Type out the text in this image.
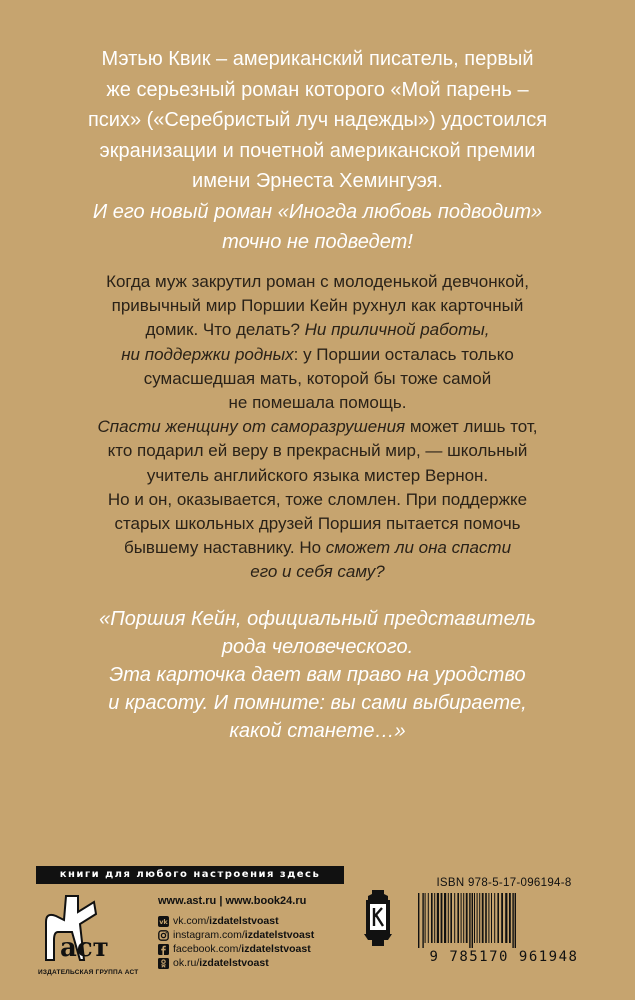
Мэтью Квик – американский писатель, первый
же серьезный роман которого «Мой парень –
псих» («Серебристый луч надежды») удостоился
экранизации и почетной американской премии
имени Эрнеста Хемингуэя.
И его новый роман «Иногда любовь подводит»
точно не подведет!
Когда муж закрутил роман с молоденькой девчонкой,
привычный мир Поршии Кейн рухнул как карточный
домик. Что делать? Ни приличной работы,
ни поддержки родных: у Поршии осталась только
сумасшедшая мать, которой бы тоже самой
не помешала помощь.
Спасти женщину от саморазрушения может лишь тот,
кто подарил ей веру в прекрасный мир, — школьный
учитель английского языка мистер Вернон.
Но и он, оказывается, тоже сломлен. При поддержке
старых школьных друзей Поршия пытается помочь
бывшему наставнику. Но сможет ли она спасти
его и себя саму?
«Поршия Кейн, официальный представитель
рода человеческого.
Эта карточка дает вам право на уродство
и красоту. И помните: вы сами выбираете,
какой станете…»
книги для любого настроения здесь
аст
ИЗДАТЕЛЬСКАЯ ГРУППА АСТ
www.ast.ru | www.book24.ru
vk vk.com/ izdatelstvoast
instagram.com/ izdatelstvoast
facebook.com/ izdatelstvoast
ok.ru/ izdatelstvoast
ISBN 978-5-17-096194-8
9 785170 961948
